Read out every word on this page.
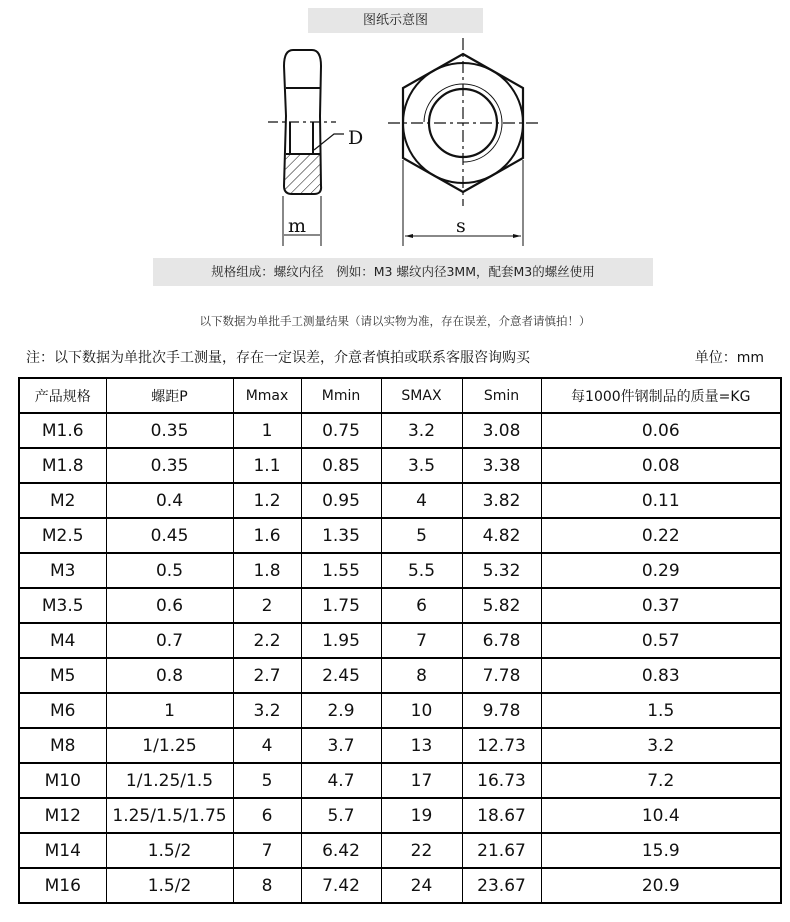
图纸示意图
D
m	s
规格组成：螺纹内径　例如：M3 螺纹内径3MM，配套M3的螺丝使用
以下数据为单批手工测量结果（请以实物为准，存在误差，介意者请慎拍！）
注：以下数据为单批次手工测量，存在一定误差，介意者慎拍或联系客服咨询购买	单位：mm
产品规格	螺距P	Mmax	Mmin	SMAX	Smin	每1000件钢制品的质量=KG
M1.6	0.35	1	0.75	3.2	3.08	0.06
M1.8	0.35	1.1	0.85	3.5	3.38	0.08
M2	0.4	1.2	0.95	4	3.82	0.11
M2.5	0.45	1.6	1.35	5	4.82	0.22
M3	0.5	1.8	1.55	5.5	5.32	0.29
M3.5	0.6	2	1.75	6	5.82	0.37
M4	0.7	2.2	1.95	7	6.78	0.57
M5	0.8	2.7	2.45	8	7.78	0.83
M6	1	3.2	2.9	10	9.78	1.5
M8	1/1.25	4	3.7	13	12.73	3.2
M10	1/1.25/1.5	5	4.7	17	16.73	7.2
M12	1.25/1.5/1.75	6	5.7	19	18.67	10.4
M14	1.5/2	7	6.42	22	21.67	15.9
M16	1.5/2	8	7.42	24	23.67	20.9
